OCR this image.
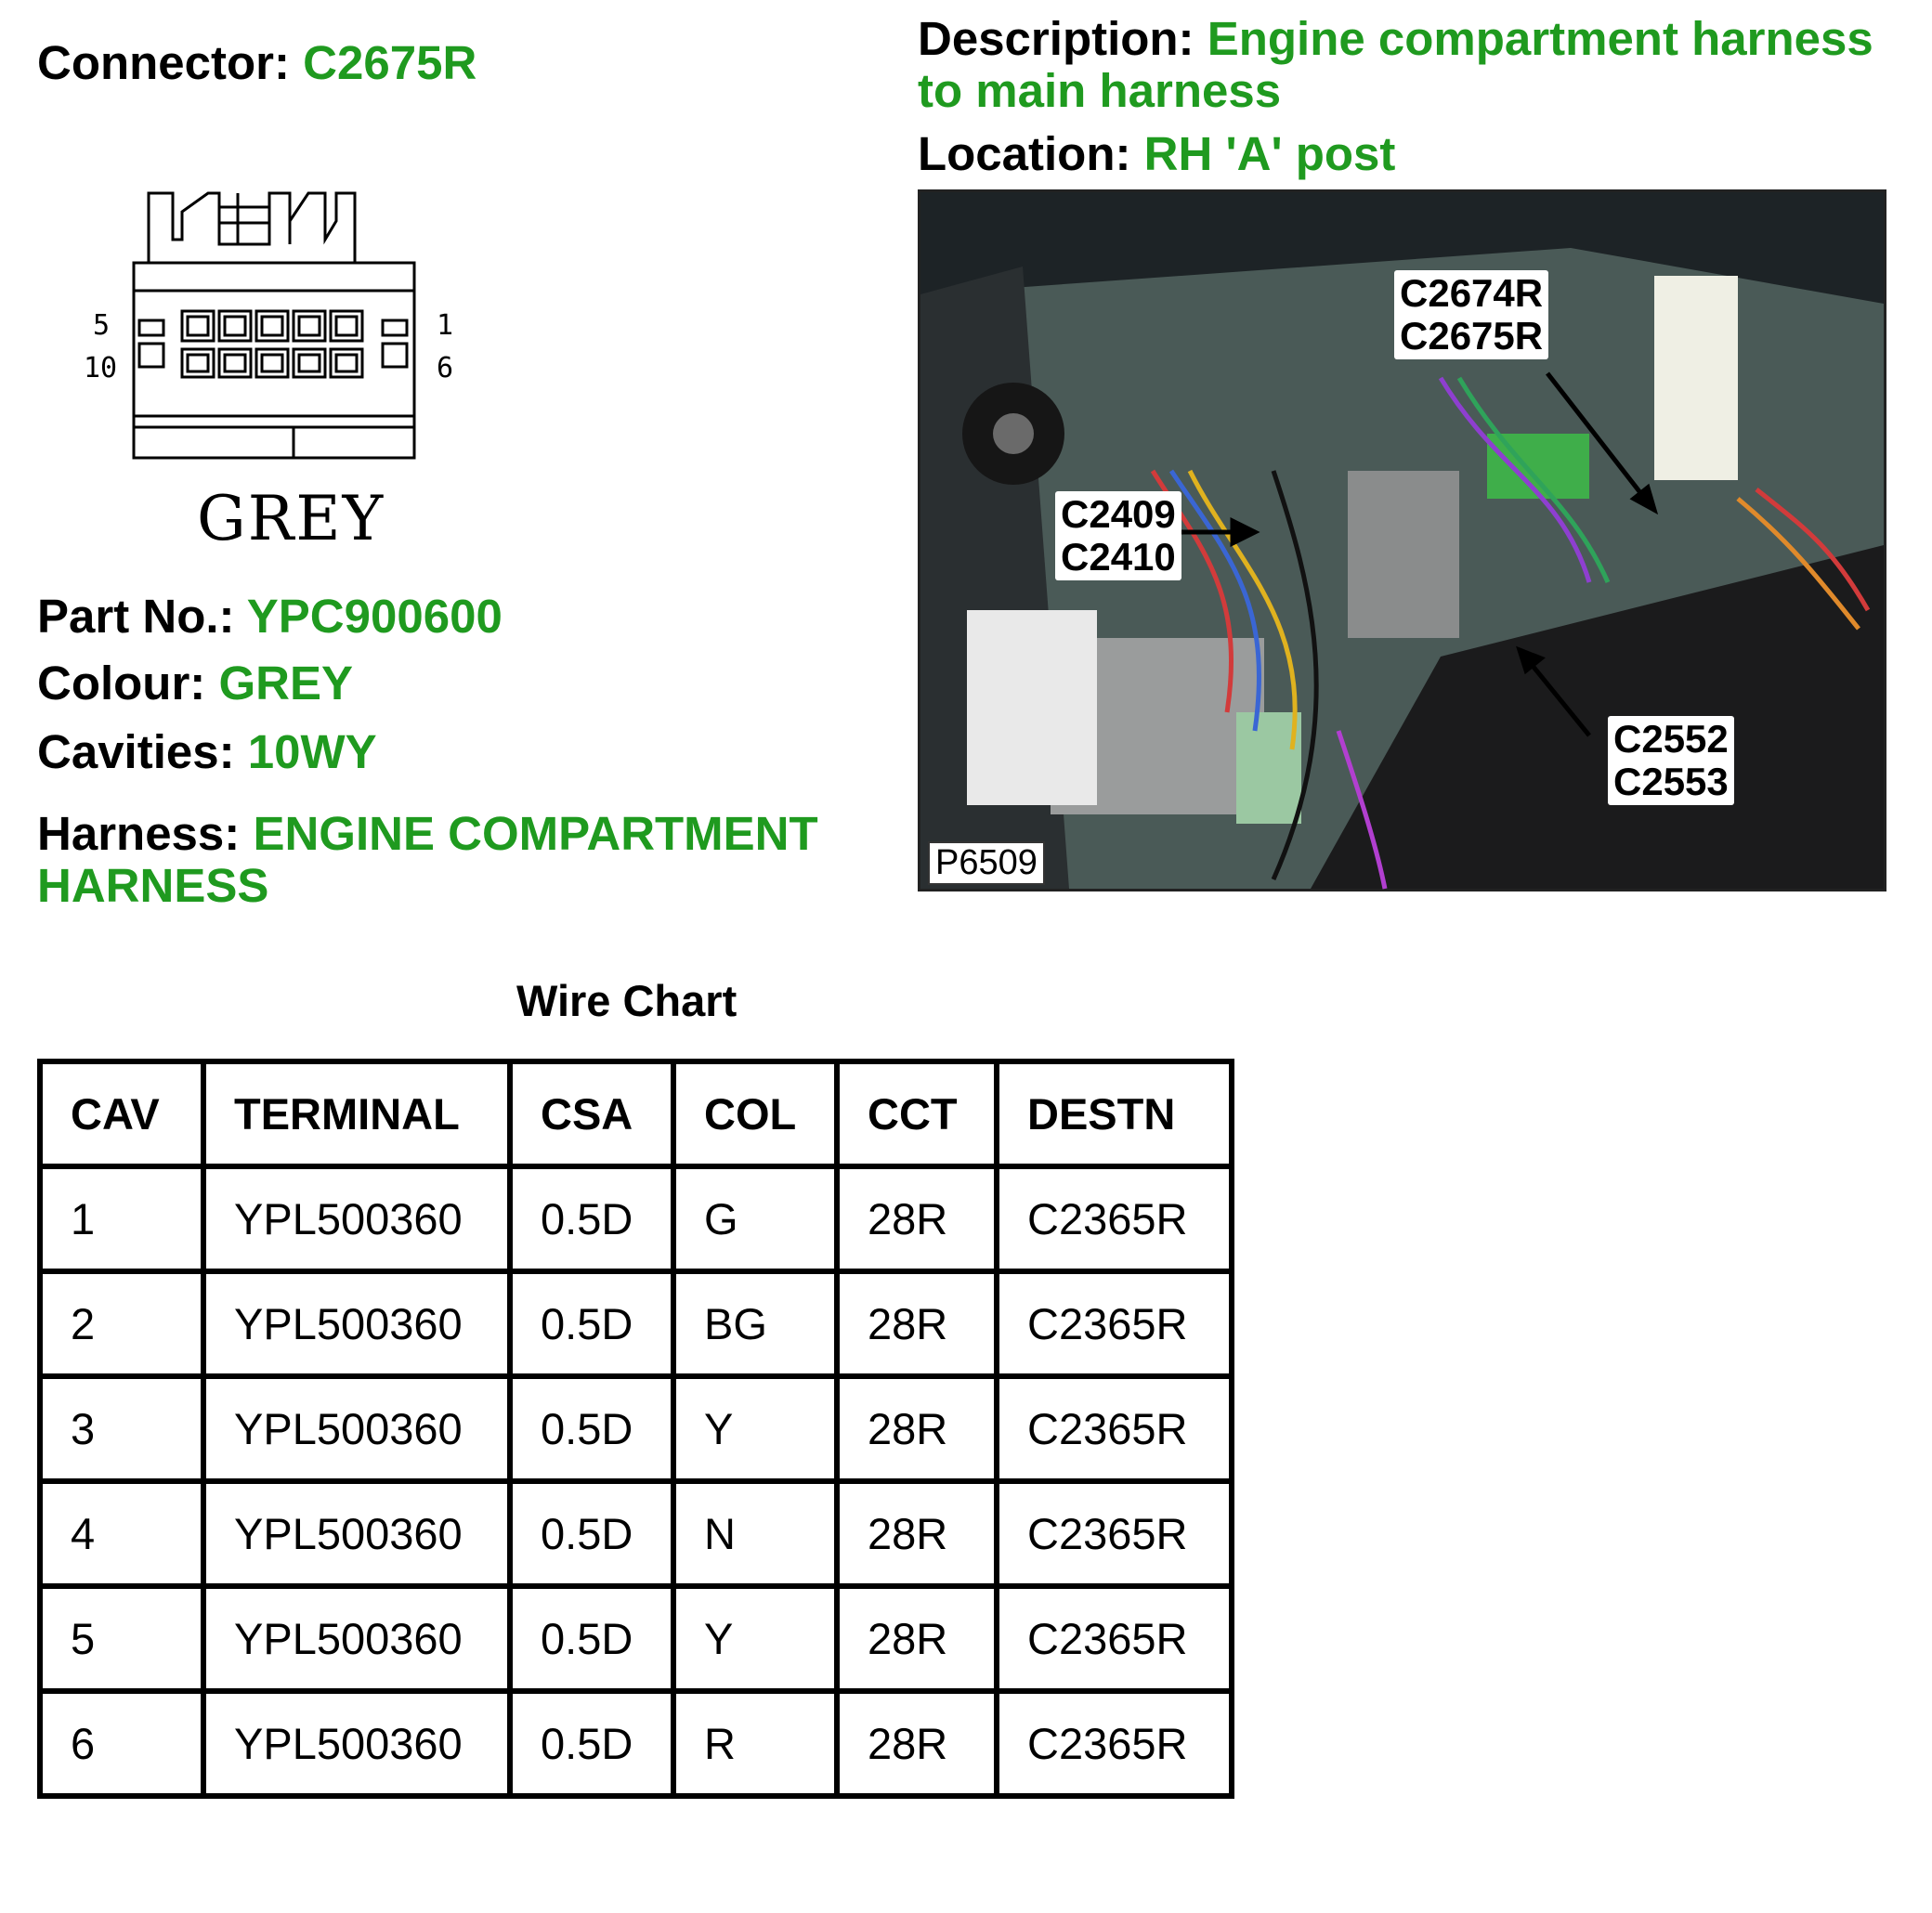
Connector: C2675R	Description: Engine compartment harness to main harness
Location: RH 'A' post
5
10
1
6
GREY
Part No.: YPC900600
Colour: GREY
Cavities: 10WY
Harness: ENGINE COMPARTMENT HARNESS
C2674R
C2675R
C2409
C2410
C2552
C2553
P6509
Wire Chart
CAV	TERMINAL	CSA	COL	CCT	DESTN
1	YPL500360	0.5D	G	28R	C2365R
2	YPL500360	0.5D	BG	28R	C2365R
3	YPL500360	0.5D	Y	28R	C2365R
4	YPL500360	0.5D	N	28R	C2365R
5	YPL500360	0.5D	Y	28R	C2365R
6	YPL500360	0.5D	R	28R	C2365R
